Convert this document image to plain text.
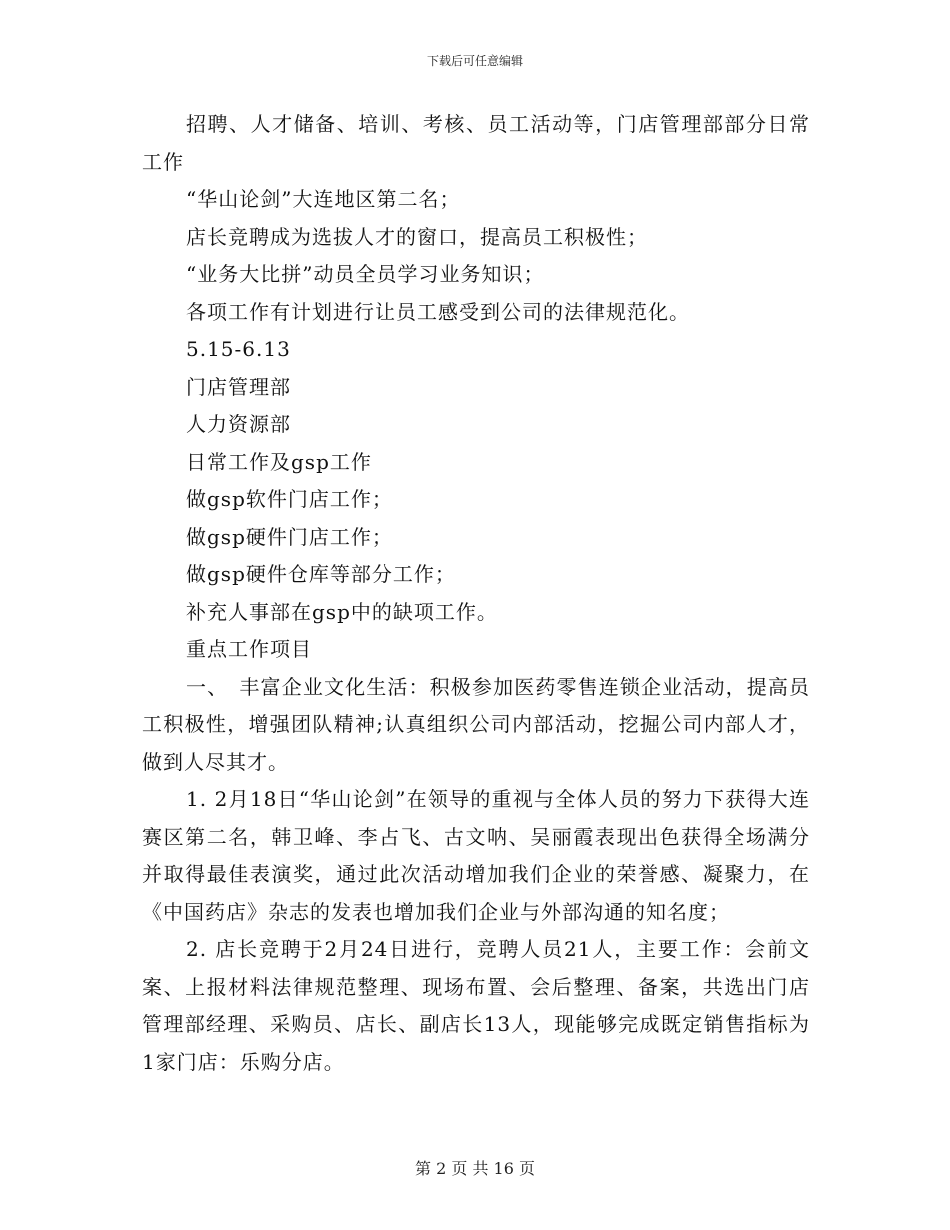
下载后可任意编辑

招聘、人才储备、培训、考核、员工活动等，门店管理部部分日常工作

“华山论剑”大连地区第二名；

店长竞聘成为选拔人才的窗口，提高员工积极性；

“业务大比拼”动员全员学习业务知识；

各项工作有计划进行让员工感受到公司的法律规范化。

5.15-6.13

门店管理部

人力资源部

日常工作及gsp工作

做gsp软件门店工作；

做gsp硬件门店工作；

做gsp硬件仓库等部分工作；

补充人事部在gsp中的缺项工作。

重点工作项目

一、　丰富企业文化生活：积极参加医药零售连锁企业活动，提高员工积极性，增强团队精神;认真组织公司内部活动，挖掘公司内部人才，做到人尽其才。

1. 2月18日“华山论剑”在领导的重视与全体人员的努力下获得大连赛区第二名，韩卫峰、李占飞、古文呐、吴丽霞表现出色获得全场满分并取得最佳表演奖，通过此次活动增加我们企业的荣誉感、凝聚力，在《中国药店》杂志的发表也增加我们企业与外部沟通的知名度；

2. 店长竞聘于2月24日进行，竞聘人员21人，主要工作：会前文案、上报材料法律规范整理、现场布置、会后整理、备案，共选出门店管理部经理、采购员、店长、副店长13人，现能够完成既定销售指标为1家门店：乐购分店。

第 2 页 共 16 页
